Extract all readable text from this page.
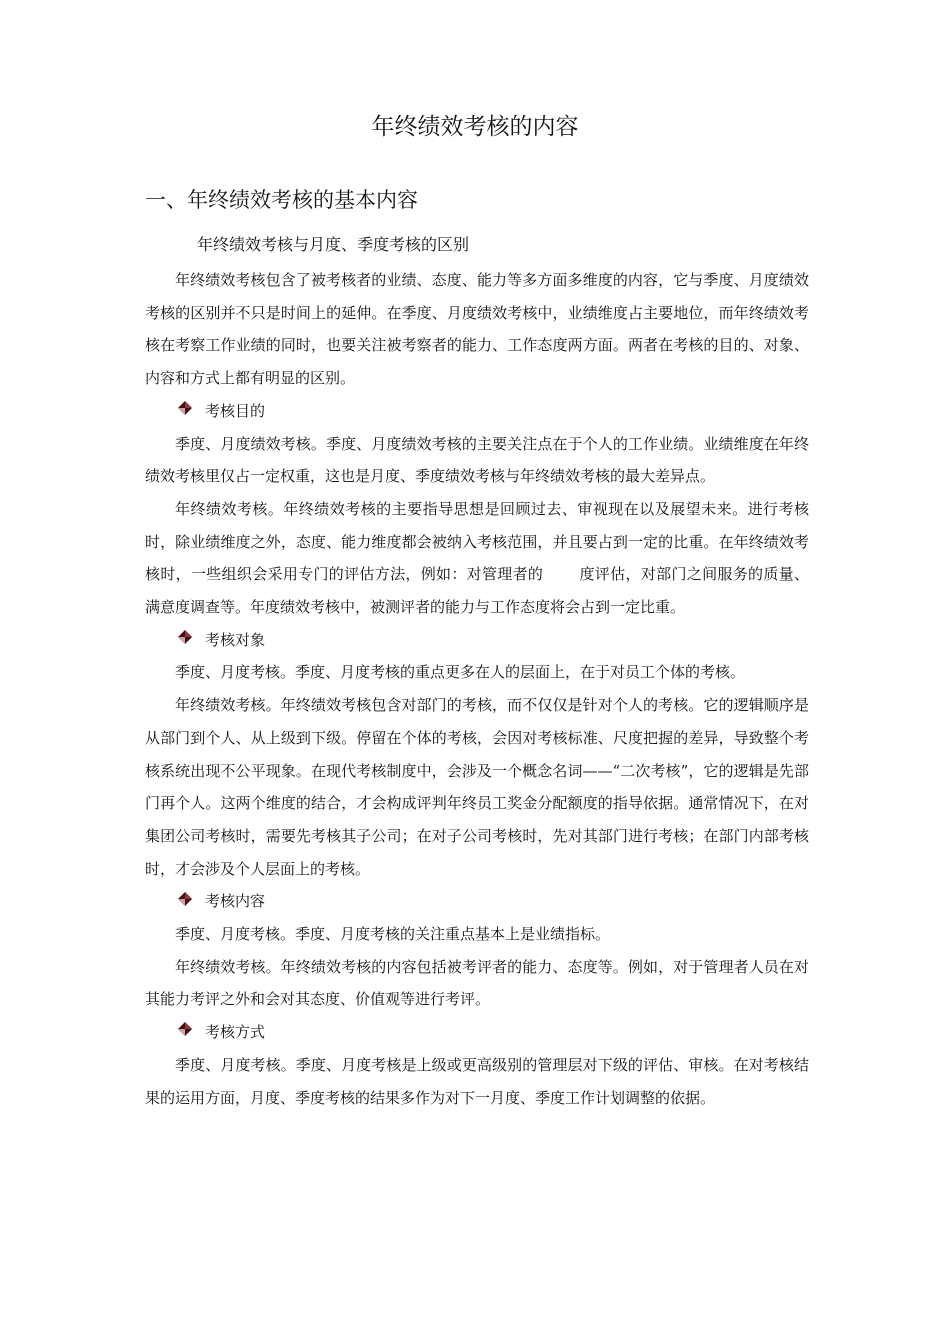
年终绩效考核的内容
一、年终绩效考核的基本内容
年终绩效考核与月度、季度考核的区别

年终绩效考核包含了被考核者的业绩、态度、能力等多方面多维度的内容，它与季度、月度绩效考核的区别并不只是时间上的延伸。在季度、月度绩效考核中，业绩维度占主要地位，而年终绩效考核在考察工作业绩的同时，也要关注被考察者的能力、工作态度两方面。两者在考核的目的、对象、内容和方式上都有明显的区别。

考核目的

季度、月度绩效考核。季度、月度绩效考核的主要关注点在于个人的工作业绩。业绩维度在年终绩效考核里仅占一定权重，这也是月度、季度绩效考核与年终绩效考核的最大差异点。

年终绩效考核。年终绩效考核的主要指导思想是回顾过去、审视现在以及展望未来。进行考核时，除业绩维度之外，态度、能力维度都会被纳入考核范围，并且要占到一定的比重。在年终绩效考核时，一些组织会采用专门的评估方法，例如：对管理者的 度评估，对部门之间服务的质量、满意度调查等。年度绩效考核中，被测评者的能力与工作态度将会占到一定比重。

考核对象

季度、月度考核。季度、月度考核的重点更多在人的层面上，在于对员工个体的考核。

年终绩效考核。年终绩效考核包含对部门的考核，而不仅仅是针对个人的考核。它的逻辑顺序是从部门到个人、从上级到下级。停留在个体的考核，会因对考核标准、尺度把握的差异，导致整个考核系统出现不公平现象。在现代考核制度中，会涉及一个概念名词——“二次考核”，它的逻辑是先部门再个人。这两个维度的结合，才会构成评判年终员工奖金分配额度的指导依据。通常情况下，在对集团公司考核时，需要先考核其子公司；在对子公司考核时，先对其部门进行考核；在部门内部考核时，才会涉及个人层面上的考核。

考核内容

季度、月度考核。季度、月度考核的关注重点基本上是业绩指标。

年终绩效考核。年终绩效考核的内容包括被考评者的能力、态度等。例如，对于管理者人员在对其能力考评之外和会对其态度、价值观等进行考评。

考核方式

季度、月度考核。季度、月度考核是上级或更高级别的管理层对下级的评估、审核。在对考核结果的运用方面，月度、季度考核的结果多作为对下一月度、季度工作计划调整的依据。
